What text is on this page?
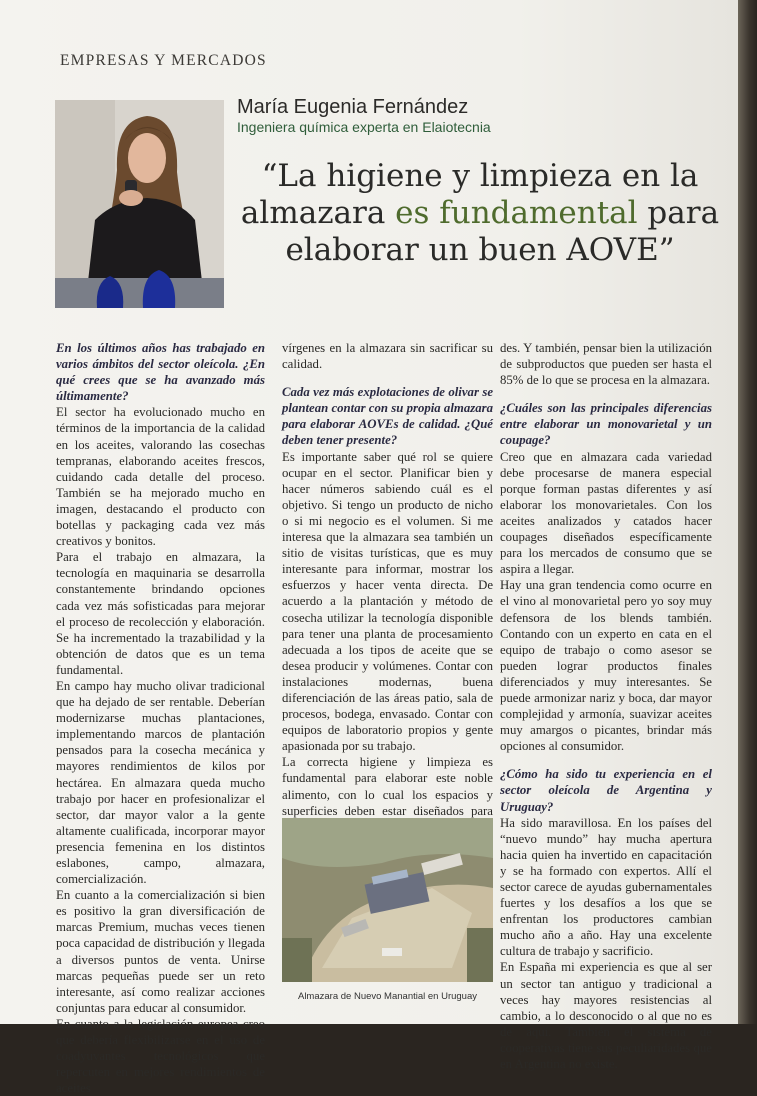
EMPRESAS Y MERCADOS
María Eugenia Fernández
Ingeniera química experta en Elaiotecnia
“La higiene y limpieza en la almazara es fundamental para elaborar un buen AOVE”

En los últimos años has trabajado en varios ámbitos del sector oleícola. ¿En qué crees que se ha avanzado más últimamente?

El sector ha evolucionado mucho en términos de la importancia de la calidad en los aceites, valorando las cosechas tempranas, elaborando aceites frescos, cuidando cada detalle del proceso. También se ha mejorado mucho en imagen, destacando el producto con botellas y packaging cada vez más creativos y bonitos.

Para el trabajo en almazara, la tecnología en maquinaria se desarrolla constantemente brindando opciones cada vez más sofisticadas para mejorar el proceso de recolección y elaboración. Se ha incrementado la trazabilidad y la obtención de datos que es un tema fundamental.

En campo hay mucho olivar tradicional que ha dejado de ser rentable. Deberían modernizarse muchas plantaciones, implementando marcos de plantación pensados para la cosecha mecánica y mayores rendimientos de kilos por hectárea. En almazara queda mucho trabajo por hacer en profesionalizar el sector, dar mayor valor a la gente altamente cualificada, incorporar mayor presencia femenina en los distintos eslabones, campo, almazara, comercialización.

En cuanto a la comercialización si bien es positivo la gran diversificación de marcas Premium, muchas veces tienen poca capacidad de distribución y llegada a diversos puntos de venta. Unirse marcas pequeñas puede ser un reto interesante, así como realizar acciones conjuntas para educar al consumidor.

En cuanto a la legislación europea creo que debería flexibilizarse en el uso de coadyuvantes tecnológicos que repercuten en mejores rendimientos de aceites

vírgenes en la almazara sin sacrificar su calidad.

Cada vez más explotaciones de olivar se plantean contar con su propia almazara para elaborar AOVEs de calidad. ¿Qué deben tener presente?

Es importante saber qué rol se quiere ocupar en el sector. Planificar bien y hacer números sabiendo cuál es el objetivo. Si tengo un producto de nicho o si mi negocio es el volumen. Si me interesa que la almazara sea también un sitio de visitas turísticas, que es muy interesante para informar, mostrar los esfuerzos y hacer venta directa. De acuerdo a la plantación y método de cosecha utilizar la tecnología disponible para tener una planta de procesamiento adecuada a los tipos de aceite que se desea producir y volúmenes. Contar con instalaciones modernas, buena diferenciación de las áreas patio, sala de procesos, bodega, envasado. Contar con equipos de laboratorio propios y gente apasionada por su trabajo.

La correcta higiene y limpieza es fundamental para elaborar este noble alimento, con lo cual los espacios y superficies deben estar diseñados para

des. Y también, pensar bien la utilización de subproductos que pueden ser hasta el 85% de lo que se procesa en la almazara.

¿Cuáles son las principales diferencias entre elaborar un monovarietal y un coupage?

Creo que en almazara cada variedad debe procesarse de manera especial porque forman pastas diferentes y así elaborar los monovarietales. Con los aceites analizados y catados hacer coupages diseñados específicamente para los mercados de consumo que se aspira a llegar.

Hay una gran tendencia como ocurre en el vino al monovarietal pero yo soy muy defensora de los blends también. Contando con un experto en cata en el equipo de trabajo o como asesor se pueden lograr productos finales diferenciados y muy interesantes. Se puede armonizar nariz y boca, dar mayor complejidad y armonía, suavizar aceites muy amargos o picantes, brindar más opciones al consumidor.

¿Cómo ha sido tu experiencia en el sector oleícola de Argentina y Uruguay?

Ha sido maravillosa. En los países del “nuevo mundo” hay mucha apertura hacia quien ha invertido en capacitación y se ha formado con expertos. Allí el sector carece de ayudas gubernamentales fuertes y los desafíos a los que se enfrentan los productores cambian mucho año a año. Hay una excelente cultura de trabajo y sacrificio.

En España mi experiencia es que al ser un sector tan antiguo y tradicional a veces hay mayores resistencias al cambio, a lo desconocido o al que no es de aquí. También el sistema de cooperativas tiene sus peculiaridades que en Argentina no existe.

Almazara de Nuevo Manantial en Uruguay
